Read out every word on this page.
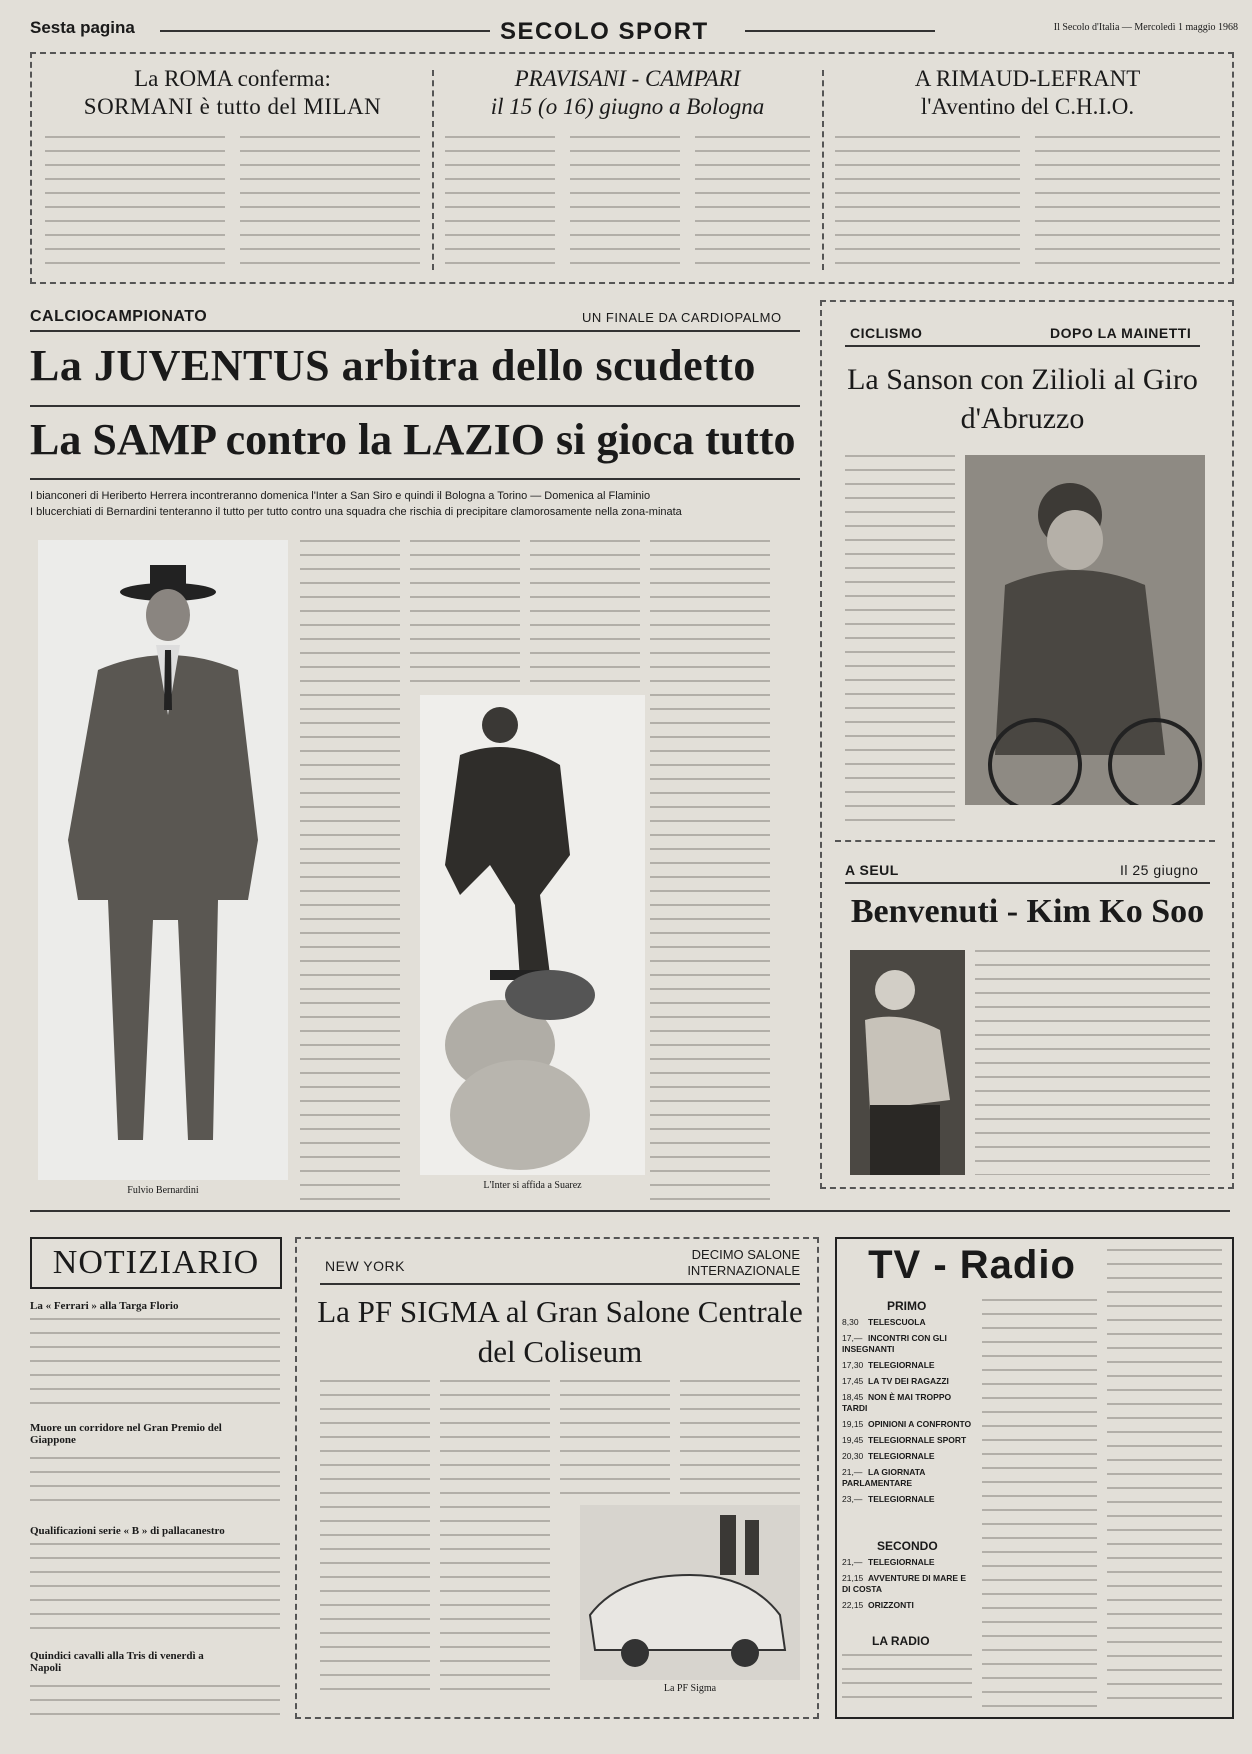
Sesta pagina	SECOLO SPORT	Il Secolo d'Italia — Mercoledì 1 maggio 1968
La ROMA conferma:
SORMANI è tutto del MILAN
PRAVISANI - CAMPARI
il 15 (o 16) giugno a Bologna
A RIMAUD-LEFRANT
l'Aventino del C.H.I.O.
CALCIOCAMPIONATO	UN FINALE DA CARDIOPALMO
La JUVENTUS arbitra dello scudetto
La SAMP contro la LAZIO si gioca tutto
I bianconeri di Heriberto Herrera incontreranno domenica l'Inter a San Siro e quindi il Bologna a Torino — Domenica al Flaminio
I blucerchiati di Bernardini tenteranno il tutto per tutto contro una squadra che rischia di precipitare clamorosamente nella zona-minata
Fulvio Bernardini	L'Inter si affida a Suarez
CICLISMO	DOPO LA MAINETTI
La Sanson con Zilioli al Giro d'Abruzzo
A SEUL	Il 25 giugno
Benvenuti - Kim Ko Soo
NOTIZIARIO
La « Ferrari » alla Targa Florio
Muore un corridore nel Gran Premio del Giappone
Qualificazioni serie « B » di pallacanestro
Quindici cavalli alla Tris di venerdì a Napoli
NEW YORK
DECIMO SALONE
INTERNAZIONALE
La PF SIGMA al Gran Salone Centrale del Coliseum
La PF Sigma
TV - Radio
PRIMO
8,30 TELESCUOLA
17,— INCONTRI CON GLI INSEGNANTI
17,30 TELEGIORNALE
17,45 LA TV DEI RAGAZZI
18,45 NON È MAI TROPPO TARDI
19,15 OPINIONI A CONFRONTO
19,45 TELEGIORNALE SPORT
20,30 TELEGIORNALE
21,— LA GIORNATA PARLAMENTARE
23,— TELEGIORNALE
SECONDO
21,— TELEGIORNALE
21,15 AVVENTURE DI MARE E DI COSTA
22,15 ORIZZONTI
LA RADIO
